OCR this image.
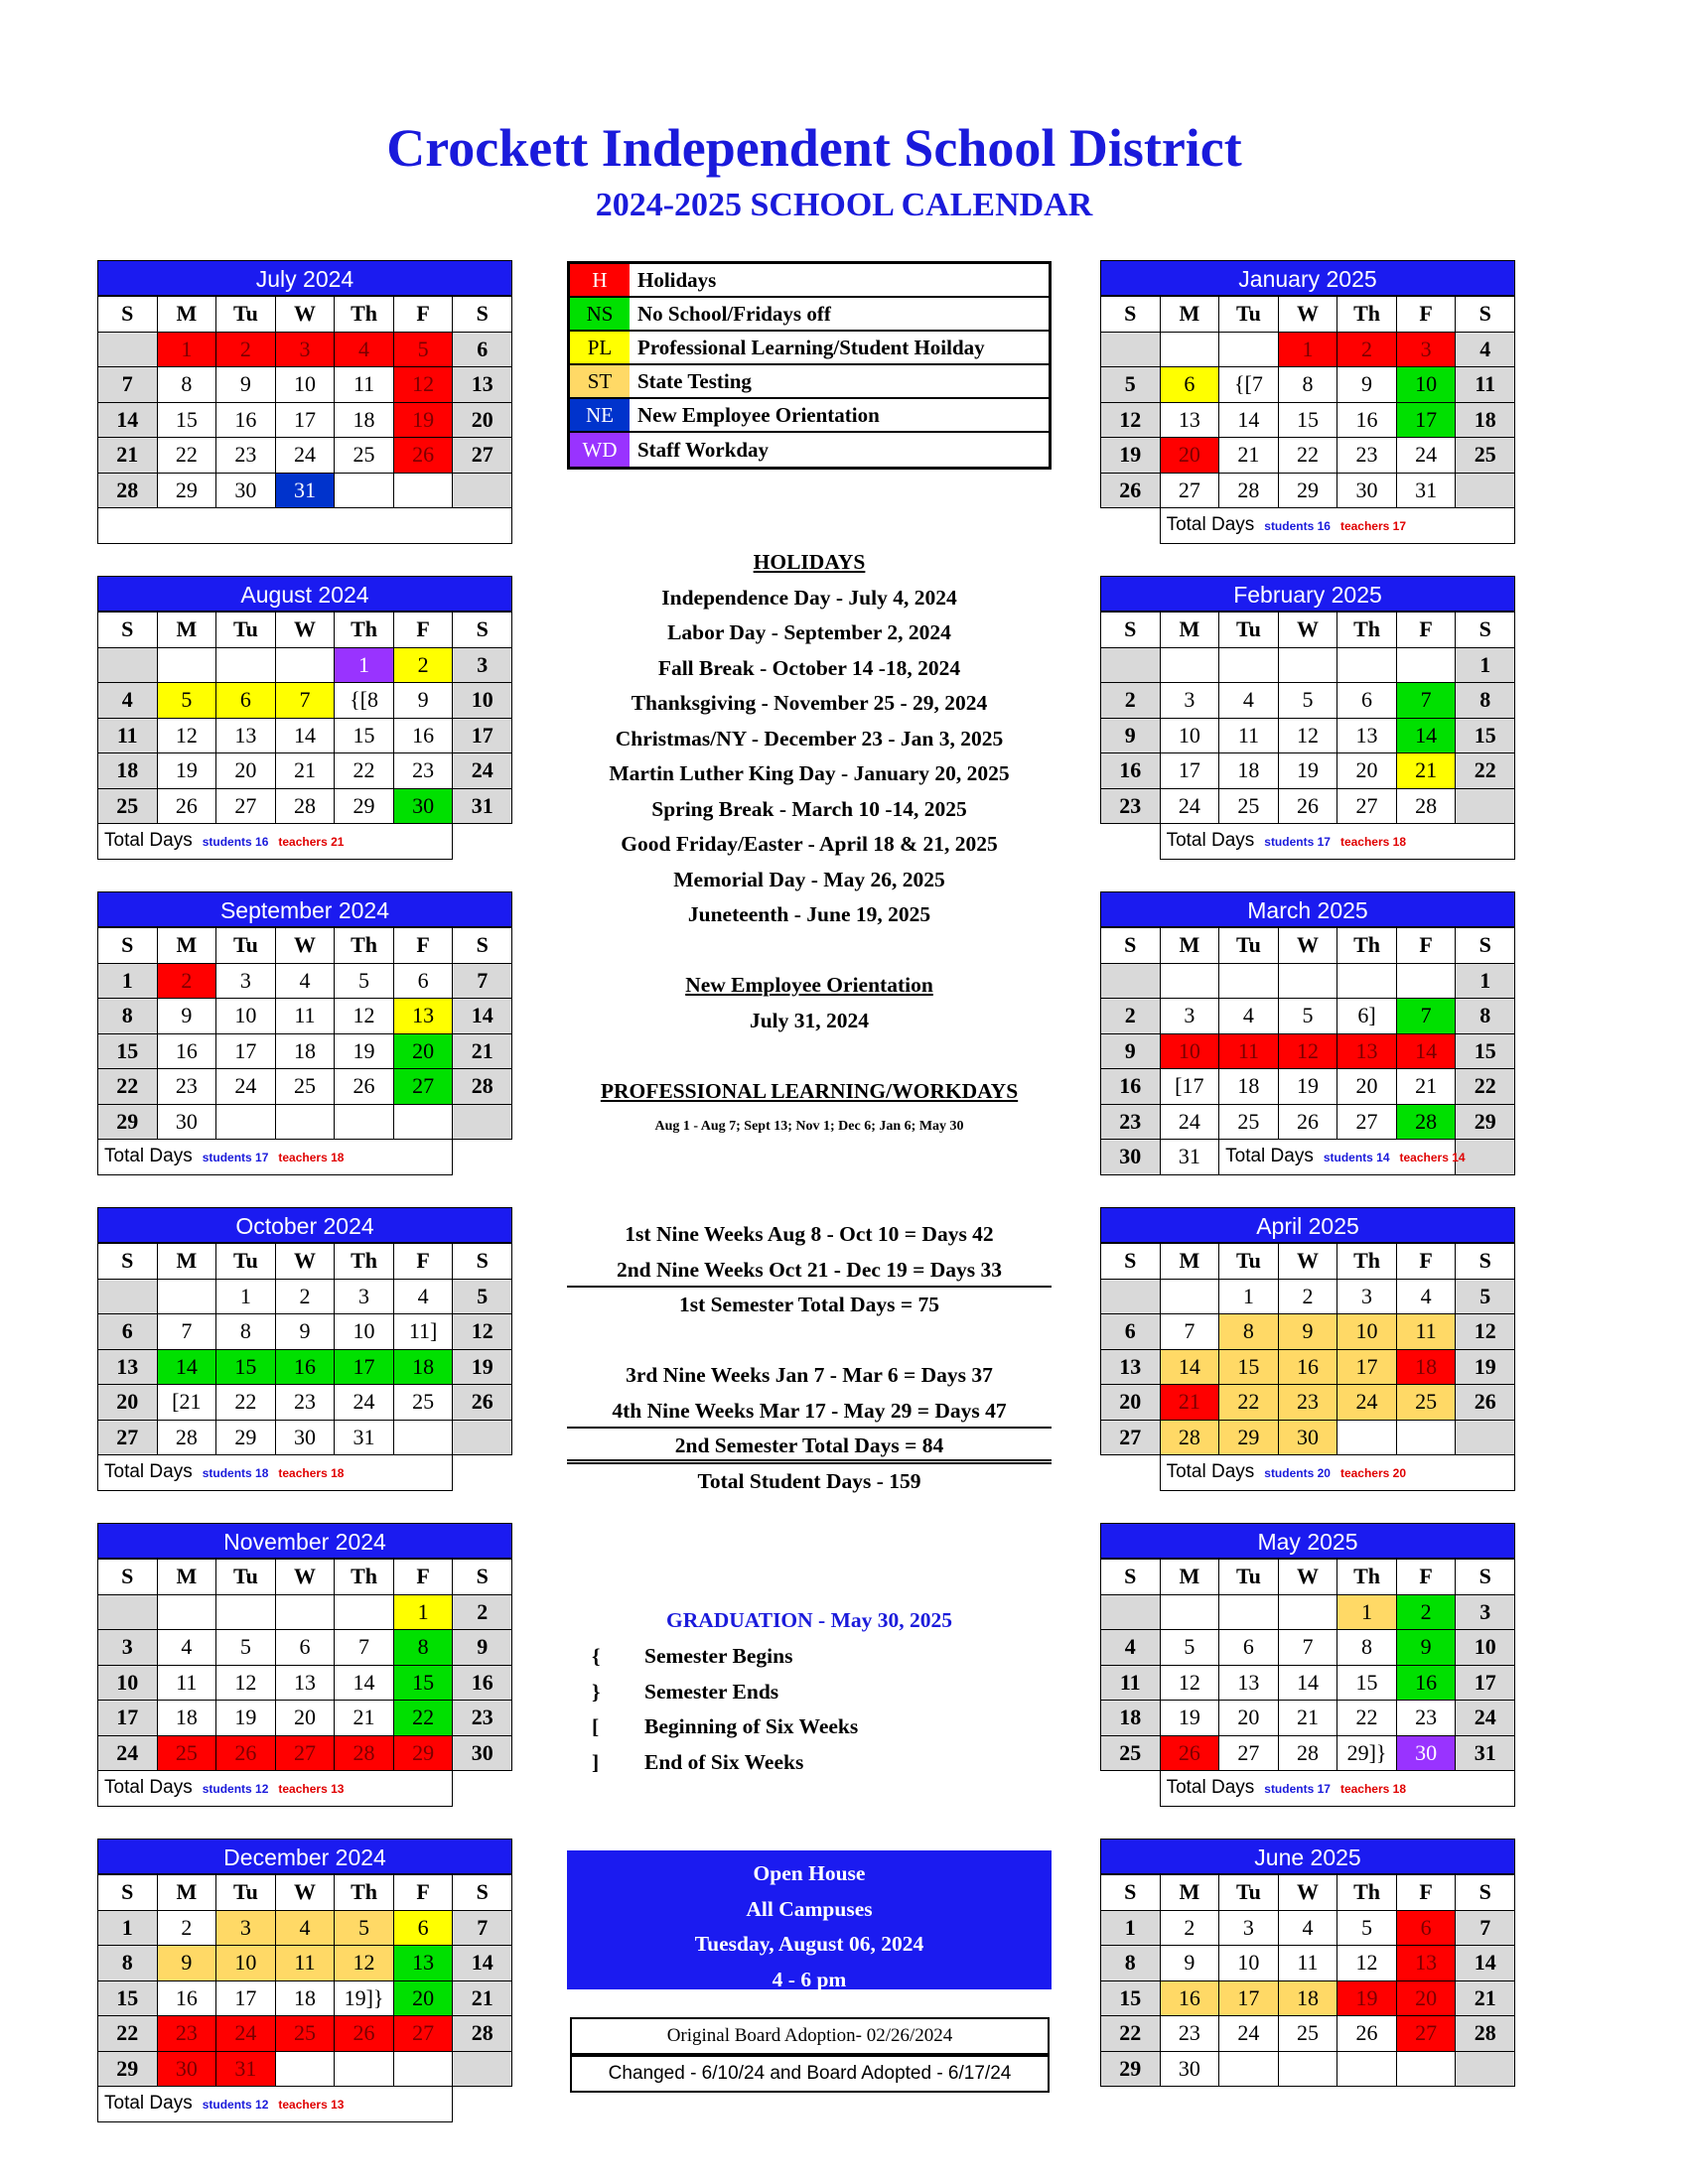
Crockett Independent School District
2024-2025 SCHOOL CALENDAR
July 2024
S	M	Tu	W	Th	F	S
	1	2	3	4	5	6
7	8	9	10	11	12	13
14	15	16	17	18	19	20
21	22	23	24	25	26	27
28	29	30	31			

August 2024
S	M	Tu	W	Th	F	S
				1	2	3
4	5	6	7	{[8	9	10
11	12	13	14	15	16	17
18	19	20	21	22	23	24
25	26	27	28	29	30	31
Total Days students 16 teachers 21						
September 2024
S	M	Tu	W	Th	F	S
1	2	3	4	5	6	7
8	9	10	11	12	13	14
15	16	17	18	19	20	21
22	23	24	25	26	27	28
29	30					
Total Days students 17 teachers 18						
October 2024
S	M	Tu	W	Th	F	S
		1	2	3	4	5
6	7	8	9	10	11]	12
13	14	15	16	17	18	19
20	[21	22	23	24	25	26
27	28	29	30	31		
Total Days students 18 teachers 18						
November 2024
S	M	Tu	W	Th	F	S
					1	2
3	4	5	6	7	8	9
10	11	12	13	14	15	16
17	18	19	20	21	22	23
24	25	26	27	28	29	30
Total Days students 12 teachers 13						
December 2024
S	M	Tu	W	Th	F	S
1	2	3	4	5	6	7
8	9	10	11	12	13	14
15	16	17	18	19]}	20	21
22	23	24	25	26	27	28
29	30	31				
Total Days students 12 teachers 13						
January 2025
S	M	Tu	W	Th	F	S
			1	2	3	4
5	6	{[7	8	9	10	11
12	13	14	15	16	17	18
19	20	21	22	23	24	25
26	27	28	29	30	31	
	Total Days students 16 teachers 17					
February 2025
S	M	Tu	W	Th	F	S
						1
2	3	4	5	6	7	8
9	10	11	12	13	14	15
16	17	18	19	20	21	22
23	24	25	26	27	28	
	Total Days students 17 teachers 18					
March 2025
S	M	Tu	W	Th	F	S
						1
2	3	4	5	6]	7	8
9	10	11	12	13	14	15
16	[17	18	19	20	21	22
23	24	25	26	27	28	29
30	31	Total Days students 14 teachers 14				
April 2025
S	M	Tu	W	Th	F	S
		1	2	3	4	5
6	7	8	9	10	11	12
13	14	15	16	17	18	19
20	21	22	23	24	25	26
27	28	29	30			
	Total Days students 20 teachers 20					
May 2025
S	M	Tu	W	Th	F	S
				1	2	3
4	5	6	7	8	9	10
11	12	13	14	15	16	17
18	19	20	21	22	23	24
25	26	27	28	29]}	30	31
	Total Days students 17 teachers 18					
June 2025
S	M	Tu	W	Th	F	S
1	2	3	4	5	6	7
8	9	10	11	12	13	14
15	16	17	18	19	20	21
22	23	24	25	26	27	28
29	30					
H	Holidays
NS	No School/Fridays off
PL	Professional Learning/Student Hoilday
ST	State Testing
NE	New Employee Orientation
WD Staff Workday
HOLIDAYS
Independence Day - July 4, 2024
Labor Day - September 2, 2024
Fall Break - October 14 -18, 2024
Thanksgiving - November 25 - 29, 2024
Christmas/NY - December 23 - Jan 3, 2025
Martin Luther King Day - January 20, 2025
Spring Break - March 10 -14, 2025
Good Friday/Easter - April 18 & 21, 2025
Memorial Day - May 26, 2025
Juneteenth - June 19, 2025
New Employee Orientation
July 31, 2024
PROFESSIONAL LEARNING/WORKDAYS
Aug 1 - Aug 7; Sept 13; Nov 1; Dec 6; Jan 6; May 30
1st Nine Weeks Aug 8 - Oct 10 = Days 42
2nd Nine Weeks Oct 21 - Dec 19 = Days 33
1st Semester Total Days = 75
3rd Nine Weeks Jan 7 - Mar 6 = Days 37
4th Nine Weeks Mar 17 - May 29 = Days 47
2nd Semester Total Days = 84
Total Student Days - 159
GRADUATION - May 30, 2025
{ Semester Begins
} Semester Ends
[ Beginning of Six Weeks
] End of Six Weeks
Open House
All Campuses
Tuesday, August 06, 2024
4 - 6 pm
Original Board Adoption- 02/26/2024
Changed - 6/10/24 and Board Adopted - 6/17/24
